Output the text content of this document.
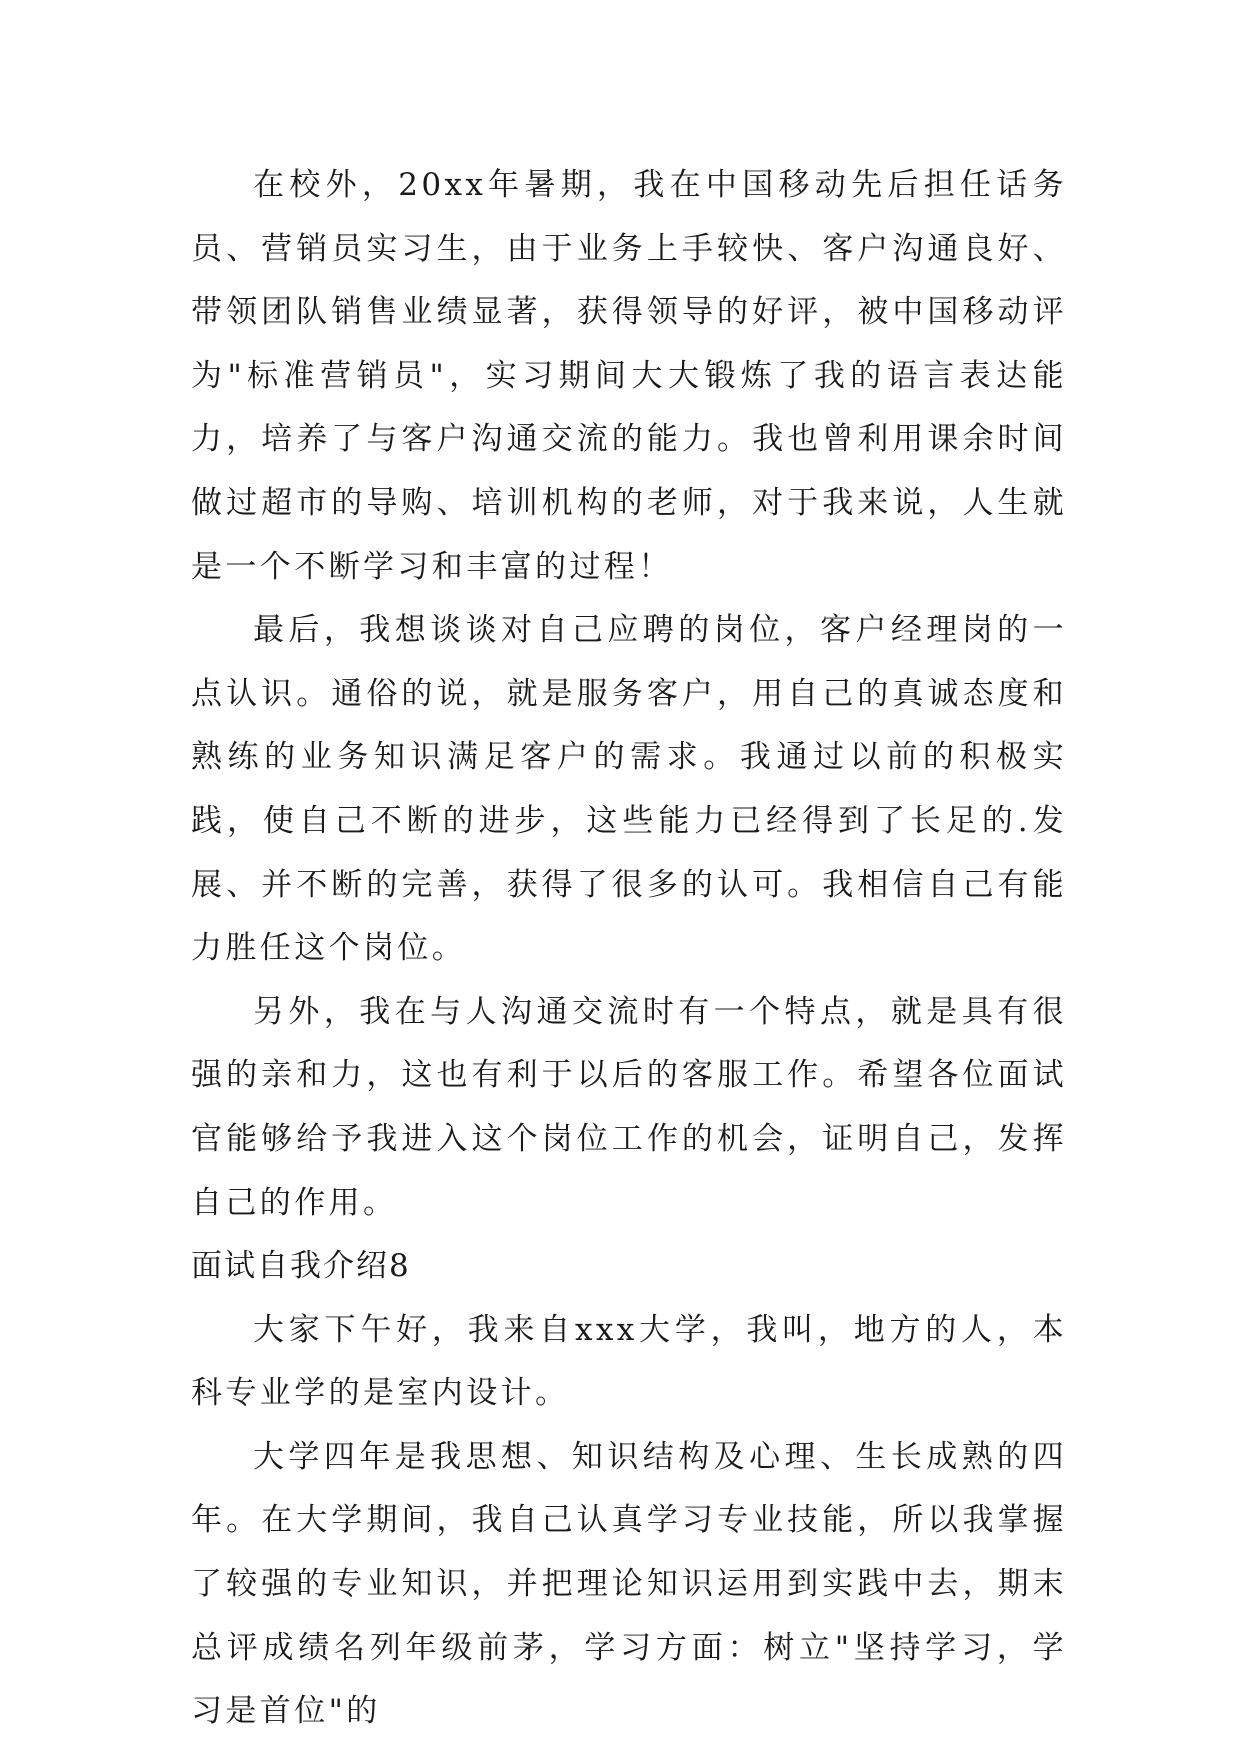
在校外，20xx年暑期，我在中国移动先后担任话务员、营销员实习生，由于业务上手较快、客户沟通良好、带领团队销售业绩显著，获得领导的好评，被中国移动评为"标准营销员"，实习期间大大锻炼了我的语言表达能力，培养了与客户沟通交流的能力。我也曾利用课余时间做过超市的导购、培训机构的老师，对于我来说，人生就是一个不断学习和丰富的过程！

最后，我想谈谈对自己应聘的岗位，客户经理岗的一点认识。通俗的说，就是服务客户，用自己的真诚态度和熟练的业务知识满足客户的需求。我通过以前的积极实践，使自己不断的进步，这些能力已经得到了长足的.发展、并不断的完善，获得了很多的认可。我相信自己有能力胜任这个岗位。

另外，我在与人沟通交流时有一个特点，就是具有很强的亲和力，这也有利于以后的客服工作。希望各位面试官能够给予我进入这个岗位工作的机会，证明自己，发挥自己的作用。

面试自我介绍8

大家下午好，我来自xxx大学，我叫，地方的人，本科专业学的是室内设计。

大学四年是我思想、知识结构及心理、生长成熟的四年。在大学期间，我自己认真学习专业技能，所以我掌握了较强的专业知识，并把理论知识运用到实践中去，期末总评成绩名列年级前茅，学习方面：树立"坚持学习，学习是首位"的
